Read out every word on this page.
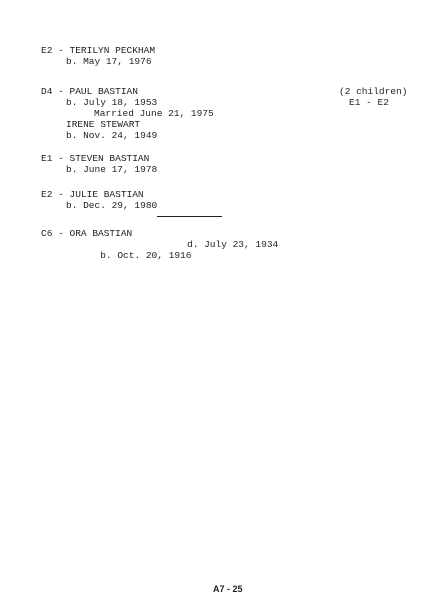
E2 - TERILYN PECKHAM
b. May 17, 1976
D4 - PAUL BASTIAN
b. July 18, 1953
Married June 21, 1975
IRENE STEWART
b. Nov. 24, 1949
(2 children)
E1 - E2
E1 - STEVEN BASTIAN
b. June 17, 1978
E2 - JULIE BASTIAN
b. Dec. 29, 1980
C6 - ORA BASTIAN

b. Oct. 20, 1916

d. July 23, 1934

A7 - 25
